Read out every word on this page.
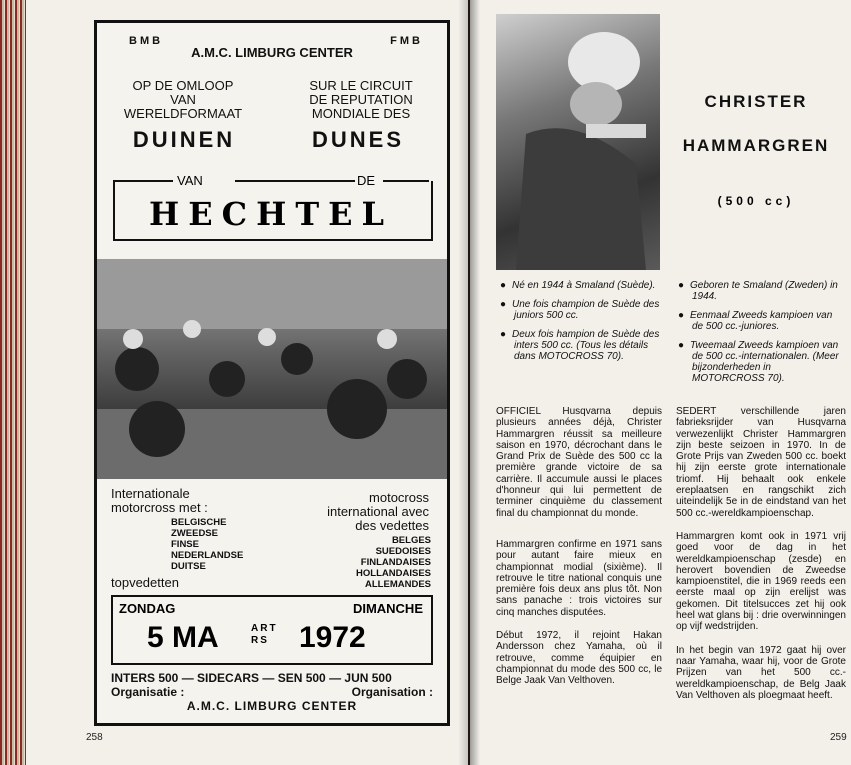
BMB	FMB
A.M.C. LIMBURG CENTER
OP DE OMLOOP
VAN
WERELDFORMAAT
SUR LE CIRCUIT
DE REPUTATION
MONDIALE DES
DUINEN	DUNES
VAN	DE
HECHTEL
Internationale
motorcross met :
motocross
international avec
des vedettes
BELGISCHE
ZWEEDSE
FINSE
NEDERLANDSE
DUITSE
BELGES
SUEDOISES
FINLANDAISES
HOLLANDAISES
ALLEMANDES
topvedetten
ZONDAG	DIMANCHE
5 MA	ART
RS 1972
INTERS 500 — SIDECARS — SEN 500 — JUN 500
Organisatie :	Organisation :
A.M.C. LIMBURG CENTER
258
CHRISTER
HAMMARGREN
(500 cc)
● Né en 1944 à Smaland (Suède).
● Une fois champion de Suède des juniors 500 cc.
● Deux fois hampion de Suède des inters 500 cc. (Tous les détails dans MOTOCROSS 70).
● Geboren te Smaland (Zweden) in 1944.
● Eenmaal Zweeds kampioen van de 500 cc.-juniores.
● Tweemaal Zweeds kampioen van de 500 cc.-internationalen. (Meer bijzonderheden in MOTORCROSS 70).

OFFICIEL Husqvarna depuis plusieurs années déjà, Christer Hammargren réussit sa meilleure saison en 1970, décrochant dans le Grand Prix de Suède des 500 cc la première grande victoire de sa carrière. Il accumule aussi le places d'honneur qui lui permettent de terminer cinquième du classement final du championnat du monde.

Hammargren confirme en 1971 sans pour autant faire mieux en championnat modial (sixième). Il retrouve le titre national conquis une première fois deux ans plus tôt. Non sans panache : trois victoires sur cinq manches disputées.

Début 1972, il rejoint Hakan Andersson chez Yamaha, où il retrouve, comme équipier en championnat du mode des 500 cc, le Belge Jaak Van Velthoven.

SEDERT verschillende jaren fabrieksrijder van Husqvarna verwezenlijkt Christer Hammargren zijn beste seizoen in 1970. In de Grote Prijs van Zweden 500 cc. boekt hij zijn eerste grote internationale triomf. Hij behaalt ook enkele ereplaatsen en rangschikt zich uiteindelijk 5e in de eindstand van het 500 cc.-wereldkampioenschap.

Hammargren komt ook in 1971 vrij goed voor de dag in het wereldkampioenschap (zesde) en herovert bovendien de Zweedse kampioenstitel, die in 1969 reeds een eerste maal op zijn erelijst was gekomen. Dit titelsucces zet hij ook heel wat glans bij : drie overwinningen op vijf wedstrijden.

In het begin van 1972 gaat hij over naar Yamaha, waar hij, voor de Grote Prijzen van het 500 cc.-wereldkampioenschap, de Belg Jaak Van Velthoven als ploegmaat heeft.

259
